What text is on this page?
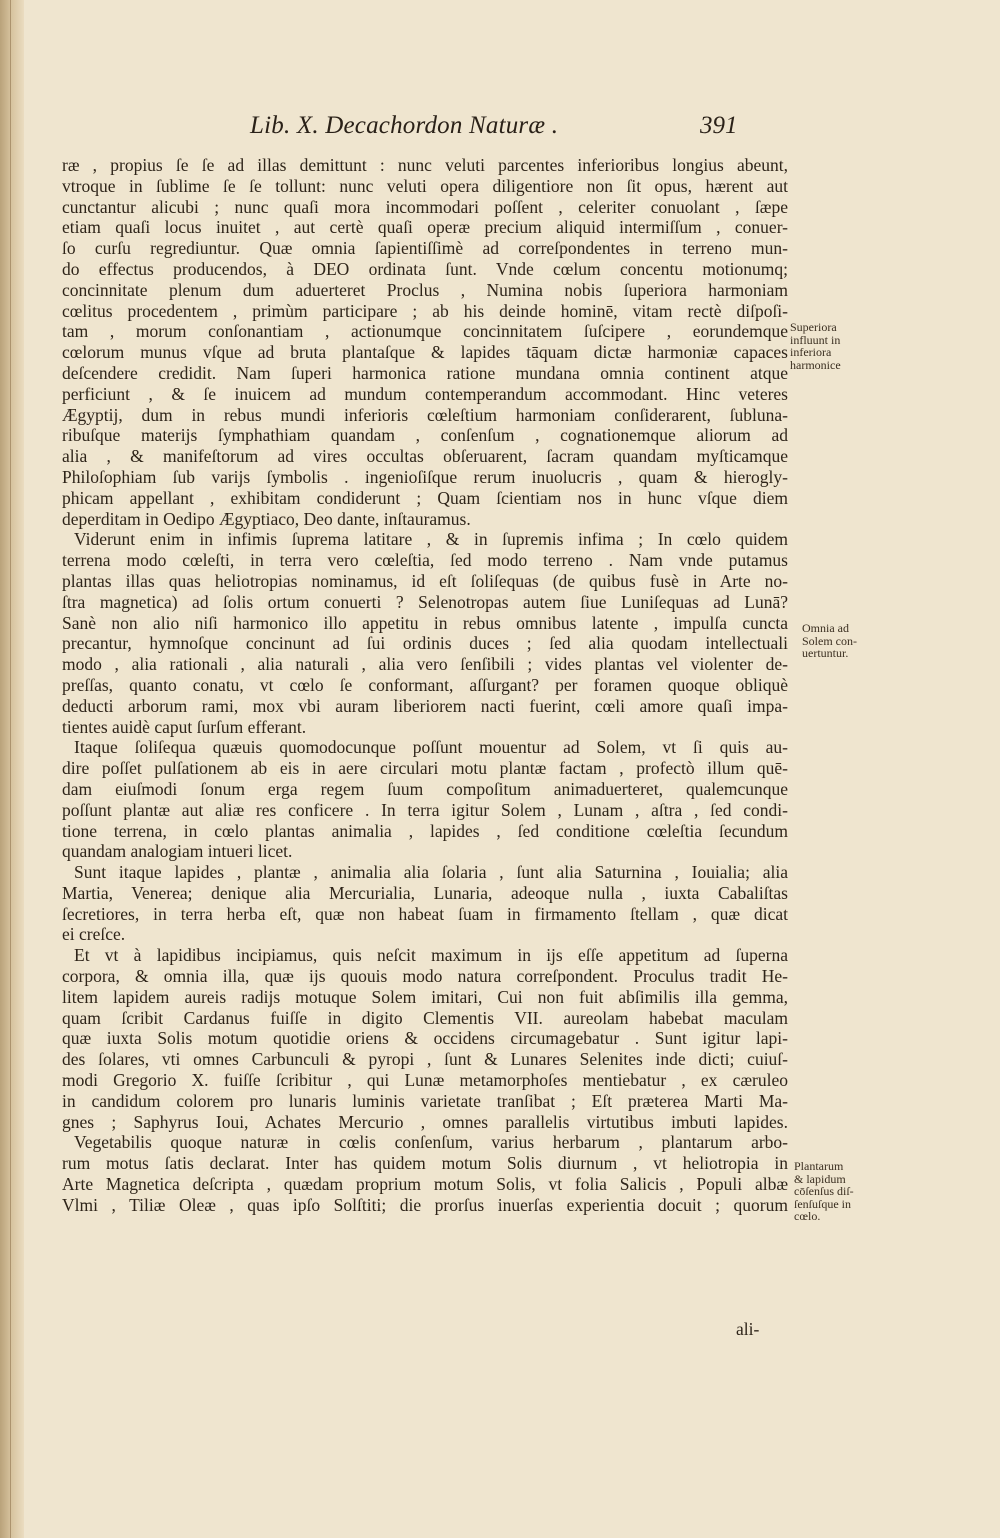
Lib. X. Decachordon Naturæ .	391
ræ , propius ſe ſe ad illas demittunt : nunc veluti parcentes inferioribus longius abeunt,
vtroque in ſublime ſe ſe tollunt: nunc veluti opera diligentiore non ſit opus, hærent aut
cunctantur alicubi ; nunc quaſi mora incommodari poſſent , celeriter conuolant , ſæpe
etiam quaſi locus inuitet , aut certè quaſi operæ precium aliquid intermiſſum , conuer-
ſo curſu regrediuntur. Quæ omnia ſapientiſſimè ad correſpondentes in terreno mun-
do effectus producendos, à DEO ordinata ſunt. Vnde cœlum concentu motionumq;
concinnitate plenum dum aduerteret Proclus , Numina nobis ſuperiora harmoniam
cœlitus procedentem , primùm participare ; ab his deinde hominē, vitam rectè diſpoſi-
tam , morum conſonantiam , actionumque concinnitatem ſuſcipere , eorundemque
cœlorum munus vſque ad bruta plantaſque & lapides tāquam dictæ harmoniæ capaces
deſcendere credidit. Nam ſuperi harmonica ratione mundana omnia continent atque
perficiunt , & ſe inuicem ad mundum contemperandum accommodant. Hinc veteres
Ægyptij, dum in rebus mundi inferioris cœleſtium harmoniam conſiderarent, ſubluna-
ribuſque materijs ſymphathiam quandam , conſenſum , cognationemque aliorum ad
alia , & manifeſtorum ad vires occultas obſeruarent, ſacram quandam myſticamque
Philoſophiam ſub varijs ſymbolis . ingenioſiſque rerum inuolucris , quam & hierogly-
phicam appellant , exhibitam condiderunt ; Quam ſcientiam nos in hunc vſque diem
deperditam in Oedipo Ægyptiaco, Deo dante, inſtauramus.
Viderunt enim in infimis ſuprema latitare , & in ſupremis infima ; In cœlo quidem
terrena modo cœleſti, in terra vero cœleſtia, ſed modo terreno . Nam vnde putamus
plantas illas quas heliotropias nominamus, id eſt ſoliſequas (de quibus fusè in Arte no-
ſtra magnetica) ad ſolis ortum conuerti ? Selenotropas autem ſiue Luniſequas ad Lunā?
Sanè non alio niſi harmonico illo appetitu in rebus omnibus latente , impulſa cuncta
precantur, hymnoſque concinunt ad ſui ordinis duces ; ſed alia quodam intellectuali
modo , alia rationali , alia naturali , alia vero ſenſibili ; vides plantas vel violenter de-
preſſas, quanto conatu, vt cœlo ſe conformant, aſſurgant? per foramen quoque obliquè
deducti arborum rami, mox vbi auram liberiorem nacti fuerint, cœli amore quaſi impa-
tientes auidè caput ſurſum efferant.
Itaque ſoliſequa quæuis quomodocunque poſſunt mouentur ad Solem, vt ſi quis au-
dire poſſet pulſationem ab eis in aere circulari motu plantæ factam , profectò illum quē-
dam eiuſmodi ſonum erga regem ſuum compoſitum animaduerteret, qualemcunque
poſſunt plantæ aut aliæ res conficere . In terra igitur Solem , Lunam , aſtra , ſed condi-
tione terrena, in cœlo plantas animalia , lapides , ſed conditione cœleſtia ſecundum
quandam analogiam intueri licet.
Sunt itaque lapides , plantæ , animalia alia ſolaria , ſunt alia Saturnina , Iouialia; alia
Martia, Venerea; denique alia Mercurialia, Lunaria, adeoque nulla , iuxta Cabaliſtas
ſecretiores, in terra herba eſt, quæ non habeat ſuam in firmamento ſtellam , quæ dicat
ei creſce.
Et vt à lapidibus incipiamus, quis neſcit maximum in ijs eſſe appetitum ad ſuperna
corpora, & omnia illa, quæ ijs quouis modo natura correſpondent. Proculus tradit He-
litem lapidem aureis radijs motuque Solem imitari, Cui non fuit abſimilis illa gemma,
quam ſcribit Cardanus fuiſſe in digito Clementis VII. aureolam habebat maculam
quæ iuxta Solis motum quotidie oriens & occidens circumagebatur . Sunt igitur lapi-
des ſolares, vti omnes Carbunculi & pyropi , ſunt & Lunares Selenites inde dicti; cuiuſ-
modi Gregorio X. fuiſſe ſcribitur , qui Lunæ metamorphoſes mentiebatur , ex cæruleo
in candidum colorem pro lunaris luminis varietate tranſibat ; Eſt præterea Marti Ma-
gnes ; Saphyrus Ioui, Achates Mercurio , omnes parallelis virtutibus imbuti lapides.
Vegetabilis quoque naturæ in cœlis conſenſum, varius herbarum , plantarum arbo-
rum motus ſatis declarat. Inter has quidem motum Solis diurnum , vt heliotropia in
Arte Magnetica deſcripta , quædam proprium motum Solis, vt folia Salicis , Populi albæ
Vlmi , Tiliæ Oleæ , quas ipſo Solſtiti; die prorſus inuerſas experientia docuit ; quorum
ali-
Superiora
influunt in
inferiora
harmonice
Omnia ad
Solem con-
uertuntur.
Plantarum
& lapidum
cōſenſus diſ-
ſenſuſque in
cœlo.
